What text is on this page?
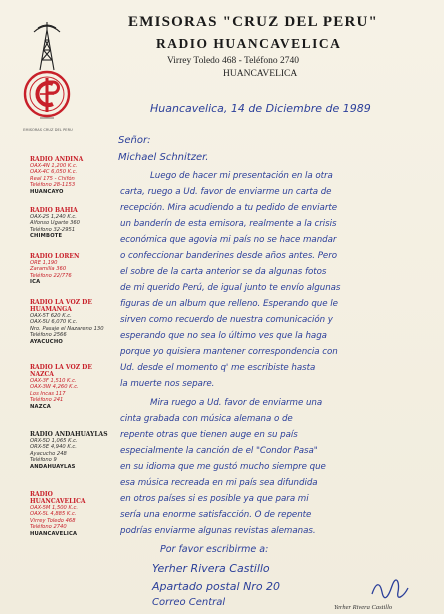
EMISORAS CRUZ DEL PERU
EMISORAS "CRUZ DEL PERU"
RADIO HUANCAVELICA
Virrey Toledo 468 - Teléfono 2740
HUANCAVELICA
RADIO ANDINA
OAX-4N 1,200 K.c.
OAX-4C 6,050 K.c.
Real 175 - Chifón
Teléfono 28-1153
HUANCAYO
RADIO BAHIA
OAX-2S 1,240 K.c.
Alfonso Ugarte 360
Teléfono 32-2951
CHIMBOTE
RADIO LOREN
ORE 1,190
Zaramilla 360
Teléfono 22/776
ICA
RADIO LA VOZ DE HUAMANGA
OAX-5T 620 K.c.
OAX-5U 6,070 K.c.
Nro. Pasaje el Nazareno 130
Teléfono 2566
AYACUCHO
RADIO LA VOZ DE NAZCA
OAX-3F 1,510 K.c.
OAX-3W 4,260 K.c.
Los Incas 117
Teléfono 241
NAZCA
RADIO ANDAHUAYLAS
ORX-5D 1,065 K.c.
ORX-5E 4,940 K.c.
Ayacucho 248
Teléfono 9
ANDAHUAYLAS
RADIO HUANCAVELICA
OAX-5M 1,500 K.c.
OAX-5L 4,885 K.c.
Virrey Toledo 468
Teléfono 2740
HUANCAVELICA
Huancavelica, 14 de Diciembre de 1989
Señor:
Michael Schnitzer.
Luego de hacer mi presentación en la otra
carta, ruego a Ud. favor de enviarme un carta de
recepción. Mira acudiendo a tu pedido de enviarte
un banderín de esta emisora, realmente a la crisis
económica que agovia mi país no se hace mandar
o confeccionar banderines desde años antes. Pero
el sobre de la carta anterior se da algunas fotos
de mi querido Perú, de igual junto te envío algunas
figuras de un album que relleno. Esperando que le
sirven como recuerdo de nuestra comunicación y
esperando que no sea lo último ves que la haga
porque yo quisiera mantener correspondencia con
Ud. desde el momento q' me escribiste hasta
la muerte nos separe.
Mira ruego a Ud. favor de enviarme una
cinta grabada con música alemana o de
repente otras que tienen auge en su país
especialmente la canción de el "Condor Pasa"
en su idioma que me gustó mucho siempre que
esa música recreada en mi país sea difundida
en otros países si es posible ya que para mi
sería una enorme satisfacción. O de repente
podrías enviarme algunas revistas alemanas.
Por favor escribirme a:
Yerher Rivera Castillo
Apartado postal Nro 20
Correo Central	Yerher Rivera Castillo
